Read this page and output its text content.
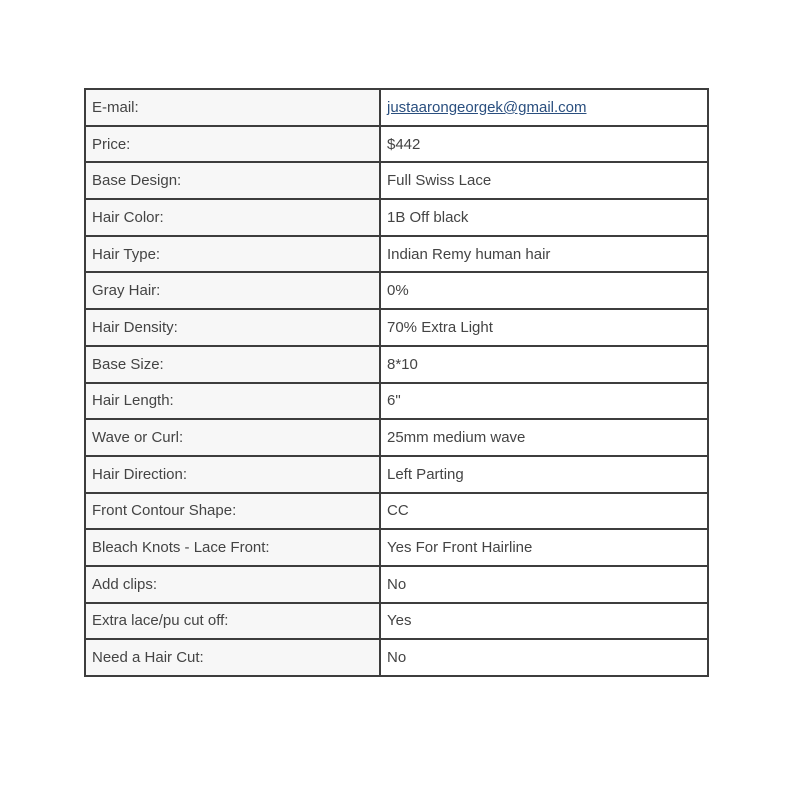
E-mail:	justaarongeorgek@gmail.com
Price:	$442
Base Design:	Full Swiss Lace
Hair Color:	1B Off black
Hair Type:	Indian Remy human hair
Gray Hair:	0%
Hair Density:	70% Extra Light
Base Size:	8*10
Hair Length:	6"
Wave or Curl:	25mm medium wave
Hair Direction:	Left Parting
Front Contour Shape:	CC
Bleach Knots - Lace Front:	Yes For Front Hairline
Add clips:	No
Extra lace/pu cut off:	Yes
Need a Hair Cut:	No
